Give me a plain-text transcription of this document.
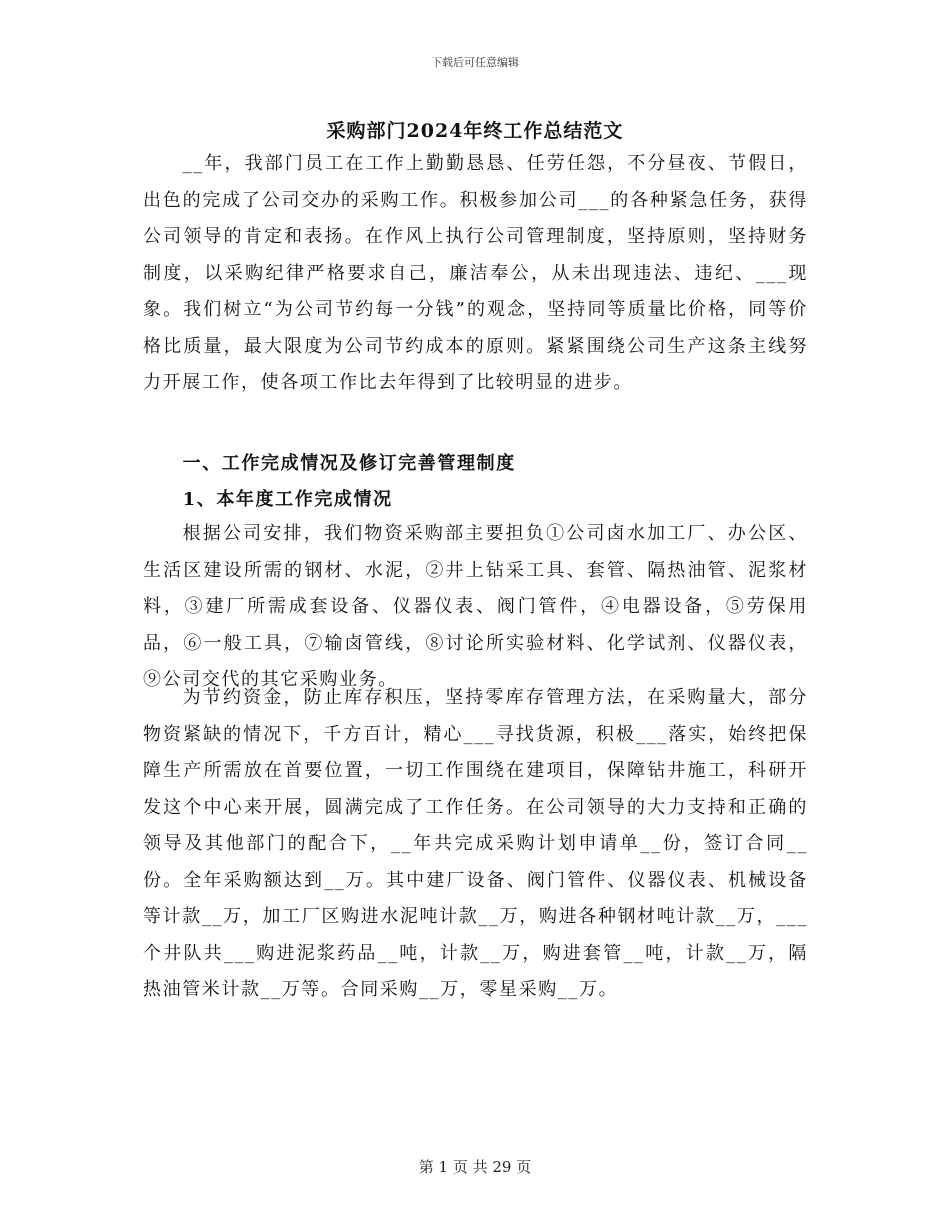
下载后可任意编辑
采购部门2024年终工作总结范文

__年，我部门员工在工作上勤勤恳恳、任劳任怨，不分昼夜、节假日，出色的完成了公司交办的采购工作。积极参加公司___的各种紧急任务，获得公司领导的肯定和表扬。在作风上执行公司管理制度，坚持原则，坚持财务制度，以采购纪律严格要求自己，廉洁奉公，从未出现违法、违纪、___现象。我们树立“为公司节约每一分钱”的观念，坚持同等质量比价格，同等价格比质量，最大限度为公司节约成本的原则。紧紧围绕公司生产这条主线努力开展工作，使各项工作比去年得到了比较明显的进步。

一、工作完成情况及修订完善管理制度

1、本年度工作完成情况

根据公司安排，我们物资采购部主要担负①公司卤水加工厂、办公区、生活区建设所需的钢材、水泥，②井上钻采工具、套管、隔热油管、泥浆材料，③建厂所需成套设备、仪器仪表、阀门管件，④电器设备，⑤劳保用品，⑥一般工具，⑦输卤管线，⑧讨论所实验材料、化学试剂、仪器仪表，⑨公司交代的其它采购业务。

为节约资金，防止库存积压，坚持零库存管理方法，在采购量大，部分物资紧缺的情况下，千方百计，精心___寻找货源，积极___落实，始终把保障生产所需放在首要位置，一切工作围绕在建项目，保障钻井施工，科研开发这个中心来开展，圆满完成了工作任务。在公司领导的大力支持和正确的领导及其他部门的配合下，__年共完成采购计划申请单__份，签订合同__份。全年采购额达到__万。其中建厂设备、阀门管件、仪器仪表、机械设备等计款__万，加工厂区购进水泥吨计款__万，购进各种钢材吨计款__万，___个井队共___购进泥浆药品__吨，计款__万，购进套管__吨，计款__万，隔热油管米计款__万等。合同采购__万，零星采购__万。

第 1 页 共 29 页
